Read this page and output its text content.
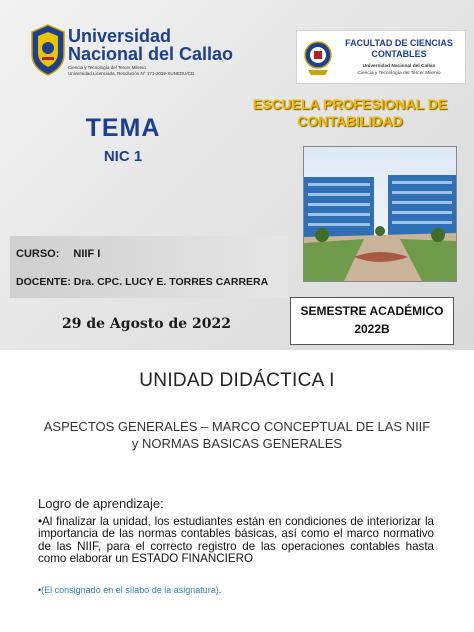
Universidad
Nacional del Callao
Ciencia y Tecnología del Tercer Milenio
Universidad Licenciada, Resolución N° 171-2019-SUNEDU/CD
FACULTAD DE CIENCIAS
CONTABLES
Universidad Nacional del Callao
Ciencia y Tecnología del Tercer Milenio
ESCUELA PROFESIONAL DE CONTABILIDAD
TEMA
NIC 1
CURSO: NIIF I
DOCENTE: Dra. CPC. LUCY E. TORRES CARRERA
29 de Agosto de 2022
SEMESTRE ACADÉMICO
2022B
UNIDAD DIDÁCTICA I
ASPECTOS GENERALES – MARCO CONCEPTUAL DE LAS NIIF y NORMAS BASICAS GENERALES
Logro de aprendizaje:
•Al finalizar la unidad, los estudiantes están en condiciones de interiorizar la importancia de las normas contables básicas, así como el marco normativo de las NIIF, para el correcto registro de las operaciones contables hasta como elaborar un ESTADO FINANCIERO
•(El consignado en el sílabo de la asignatura).
